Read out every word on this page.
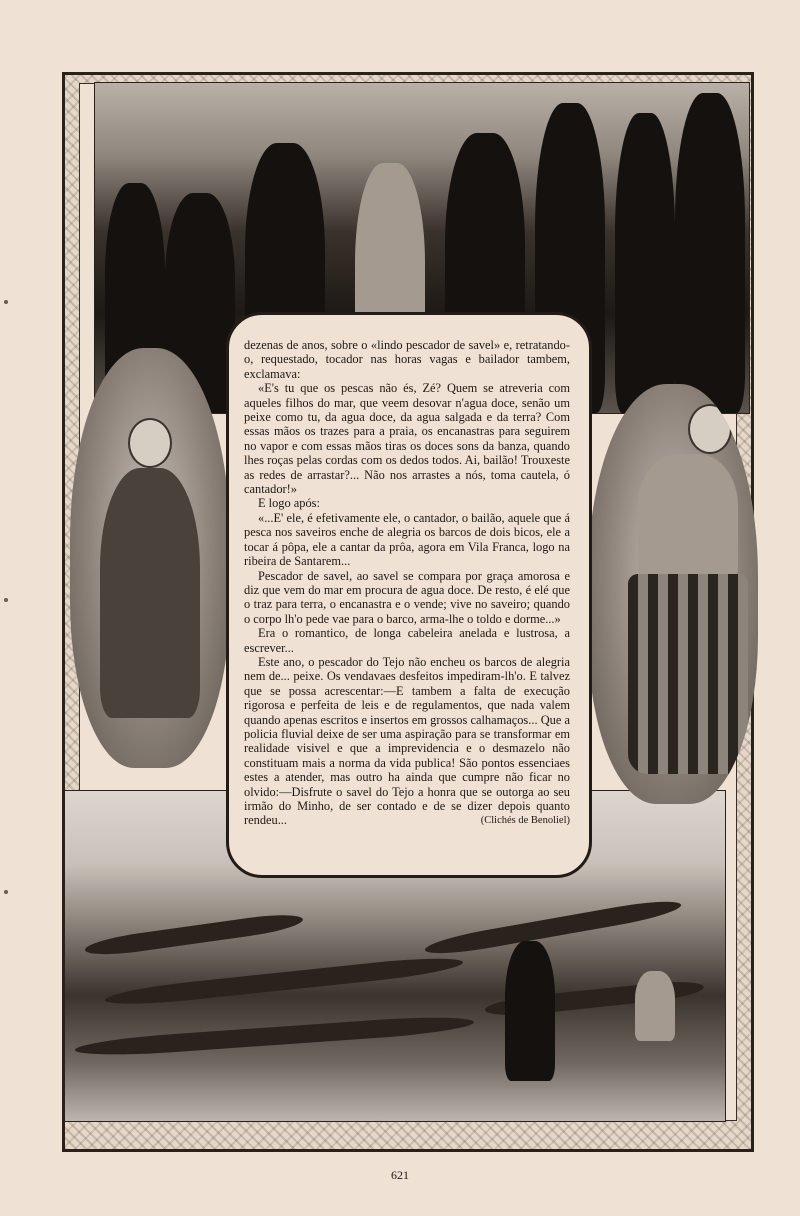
dezenas de anos, sobre o «lindo pescador de savel» e, retratando-o, requestado, tocador nas horas vagas e bailador tambem, exclamava:

«E's tu que os pescas não és, Zé? Quem se atreveria com aqueles filhos do mar, que veem desovar n'agua doce, senão um peixe como tu, da agua doce, da agua salgada e da terra? Com essas mãos os trazes para a praia, os encanastras para seguirem no vapor e com essas mãos tiras os doces sons da banza, quando lhes roças pelas cordas com os dedos todos. Ai, bailão! Trouxeste as redes de arrastar?... Não nos arrastes a nós, toma cautela, ó cantador!»

E logo após:

«...E' ele, é efetivamente ele, o cantador, o bailão, aquele que á pesca nos saveiros enche de alegria os barcos de dois bicos, ele a tocar á pôpa, ele a cantar da prôa, agora em Vila Franca, logo na ribeira de Santarem...

Pescador de savel, ao savel se compara por graça amorosa e diz que vem do mar em procura de agua doce. De resto, é elé que o traz para terra, o encanastra e o vende; vive no saveiro; quando o corpo lh'o pede vae para o barco, arma-lhe o toldo e dorme...»

Era o romantico, de longa cabeleira anelada e lustrosa, a escrever...

Este ano, o pescador do Tejo não encheu os barcos de alegria nem de... peixe. Os vendavaes desfeitos impediram-lh'o. E talvez que se possa acrescentar:—E tambem a falta de execução rigorosa e perfeita de leis e de regulamentos, que nada valem quando apenas escritos e insertos em grossos calhamaços... Que a policia fluvial deixe de ser uma aspiração para se transformar em realidade visivel e que a imprevidencia e o desmazelo não constituam mais a norma da vida publica! São pontos essenciaes estes a atender, mas outro ha ainda que cumpre não ficar no olvido:—Disfrute o savel do Tejo a honra que se outorga ao seu irmão do Minho, de ser contado e de se dizer depois quanto rendeu...	(Clichés de Benoliel)
621
